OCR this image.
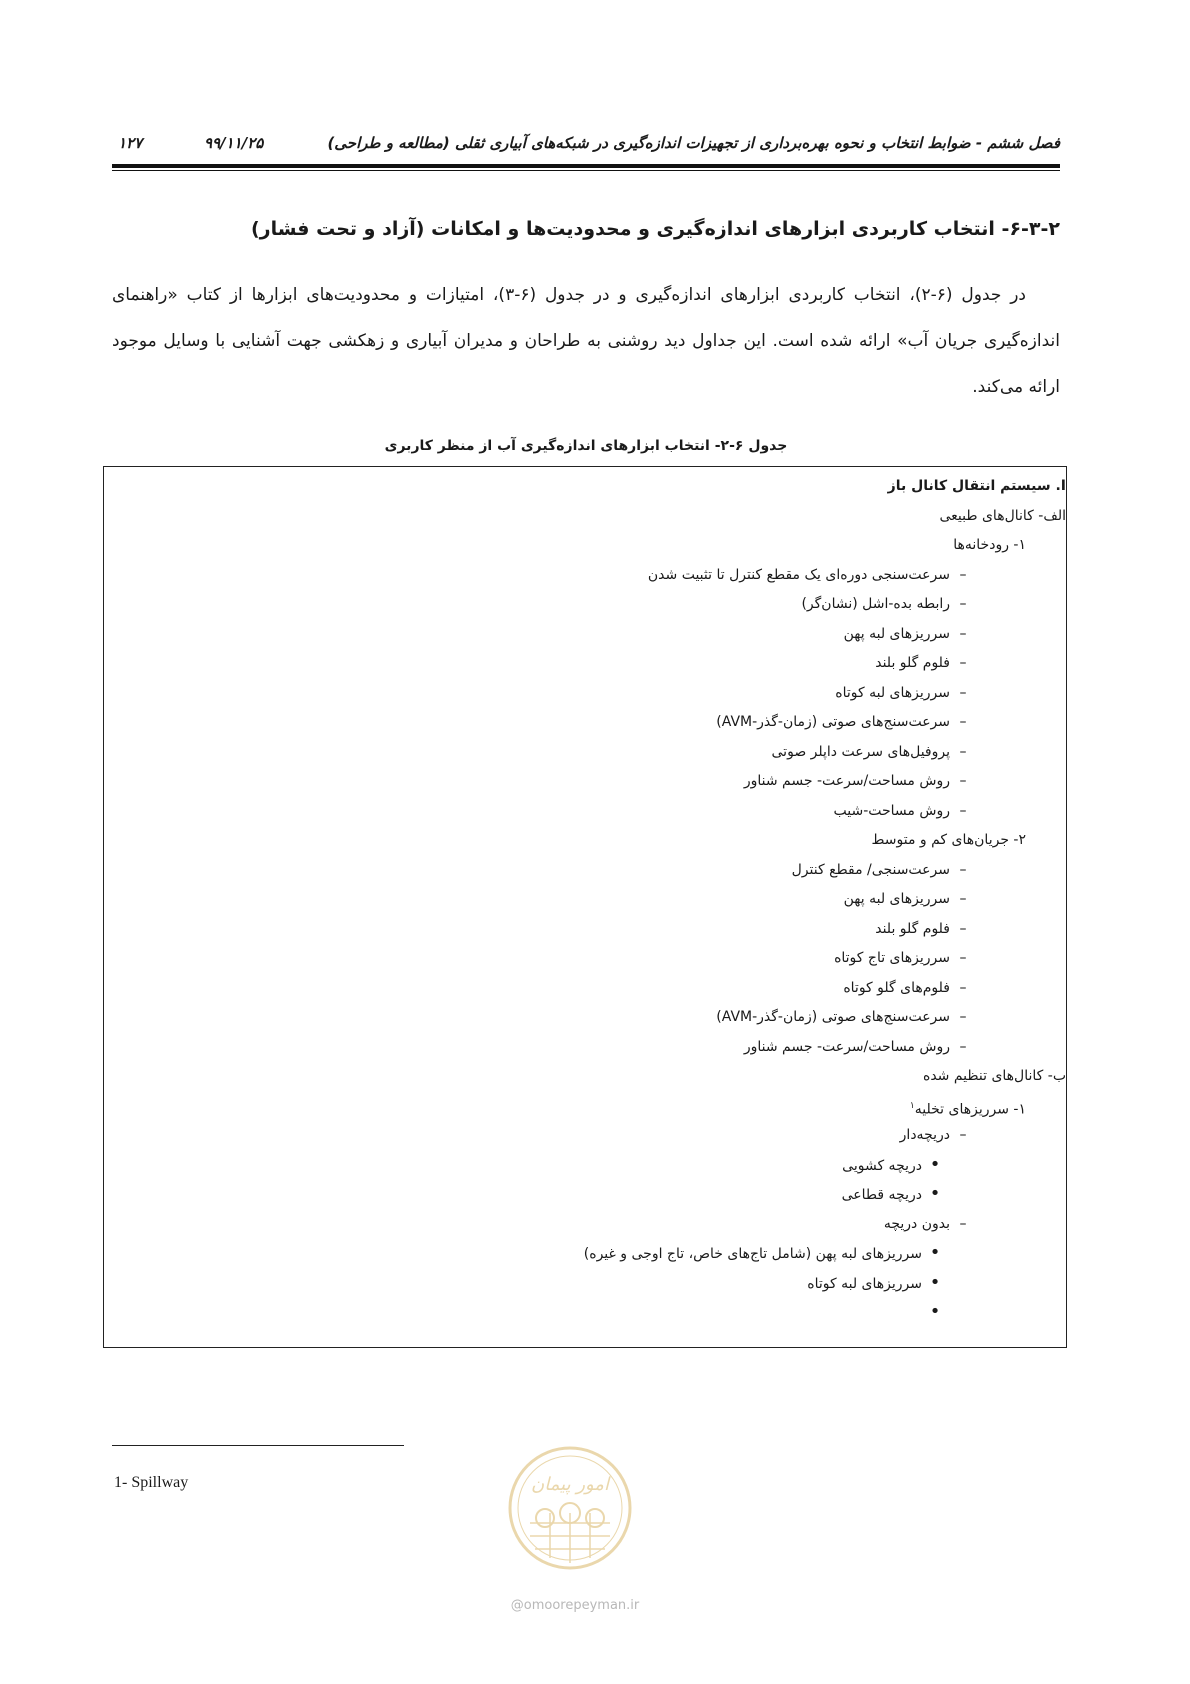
فصل ششم - ضوابط انتخاب و نحوه بهره‌برداری از تجهیزات اندازه‌گیری در شبکه‌های آبیاری ثقلی (مطالعه و طراحی)
۹۹/۱۱/۲۵
۱۲۷
۶-۳-۲- انتخاب کاربردی ابزارهای اندازه‌گیری و محدودیت‌ها و امکانات (آزاد و تحت فشار)

در جدول (۶-۲)، انتخاب کاربردی ابزارهای اندازه‌گیری و در جدول (۶-۳)، امتیازات و محدودیت‌های ابزارها از کتاب «راهنمای اندازه‌گیری جریان آب» ارائه شده است. این جداول دید روشنی به طراحان و مدیران آبیاری و زهکشی جهت آشنایی با وسایل موجود ارائه می‌کند.

جدول ۶-۲- انتخاب ابزارهای اندازه‌گیری آب از منظر کاربری
I. سیستم انتقال کانال باز
الف- کانال‌های طبیعی
۱- رودخانه‌ها
–سرعت‌سنجی دوره‌ای یک مقطع کنترل تا تثبیت شدن
–رابطه بده-اشل (نشان‌گر)
–سرریزهای لبه پهن
–فلوم گلو بلند
–سرریزهای لبه کوتاه
–سرعت‌سنج‌های صوتی (زمان-گذر-AVM)
–پروفیل‌های سرعت داپلر صوتی
–روش مساحت/سرعت- جسم شناور
–روش مساحت-شیب
۲- جریان‌های کم و متوسط
–سرعت‌سنجی/ مقطع کنترل
–سرریزهای لبه پهن
–فلوم گلو بلند
–سرریزهای تاج کوتاه
–فلوم‌های گلو کوتاه
–سرعت‌سنج‌های صوتی (زمان-گذر-AVM)
–روش مساحت/سرعت- جسم شناور
ب- کانال‌های تنظیم شده
۱- سرریزهای تخلیه$^۱$
–دریچه‌دار
•دریچه کشویی
•دریچه قطاعی
–بدون دریچه
•سرریزهای لبه پهن (شامل تاج‌های خاص، تاج اوجی و غیره)
•سرریزهای لبه کوتاه
•
1- Spillway	امور پیمان
@omoorepeyman.ir
